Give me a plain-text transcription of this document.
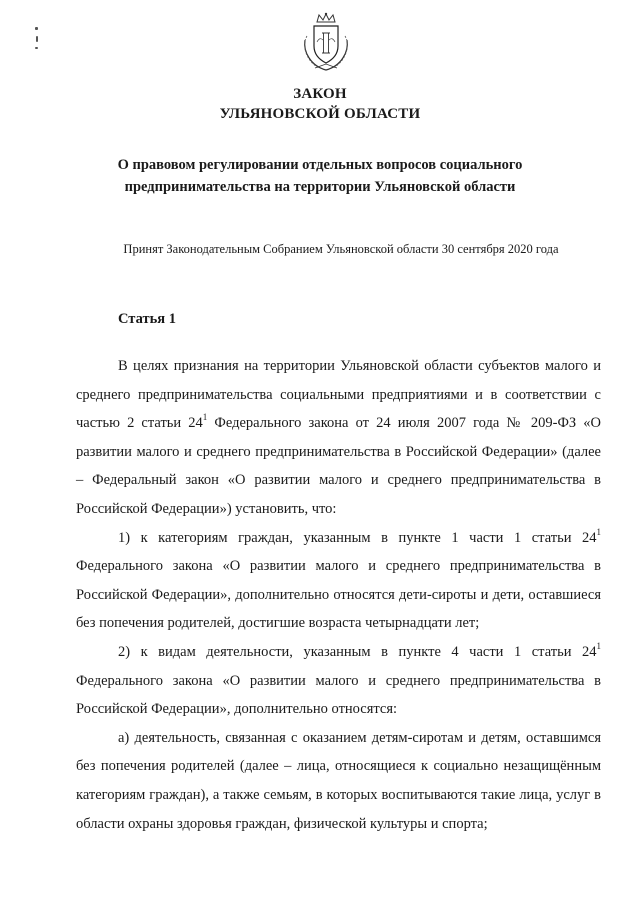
ЗАКОН
УЛЬЯНОВСКОЙ ОБЛАСТИ
О правовом регулировании отдельных вопросов социального
предпринимательства на территории Ульяновской области
Принят Законодательным Собранием Ульяновской области 30 сентября 2020 года
Статья 1

В целях признания на территории Ульяновской области субъектов малого и среднего предпринимательства социальными предприятиями и в соответствии с частью 2 статьи $24^1$ Федерального закона от 24 июля 2007 года № 209-ФЗ «О развитии малого и среднего предпринимательства в Российской Федерации» (далее – Федеральный закон «О развитии малого и среднего предпринимательства в Российской Федерации») установить, что:

1) к категориям граждан, указанным в пункте 1 части 1 статьи $24^1$ Федерального закона «О развитии малого и среднего предпринимательства в Российской Федерации», дополнительно относятся дети-сироты и дети, оставшиеся без попечения родителей, достигшие возраста четырнадцати лет;

2) к видам деятельности, указанным в пункте 4 части 1 статьи $24^1$ Федерального закона «О развитии малого и среднего предпринимательства в Российской Федерации», дополнительно относятся:

а) деятельность, связанная с оказанием детям-сиротам и детям, оставшимся без попечения родителей (далее – лица, относящиеся к социально незащищённым категориям граждан), а также семьям, в которых воспитываются такие лица, услуг в области охраны здоровья граждан, физической культуры и спорта;
